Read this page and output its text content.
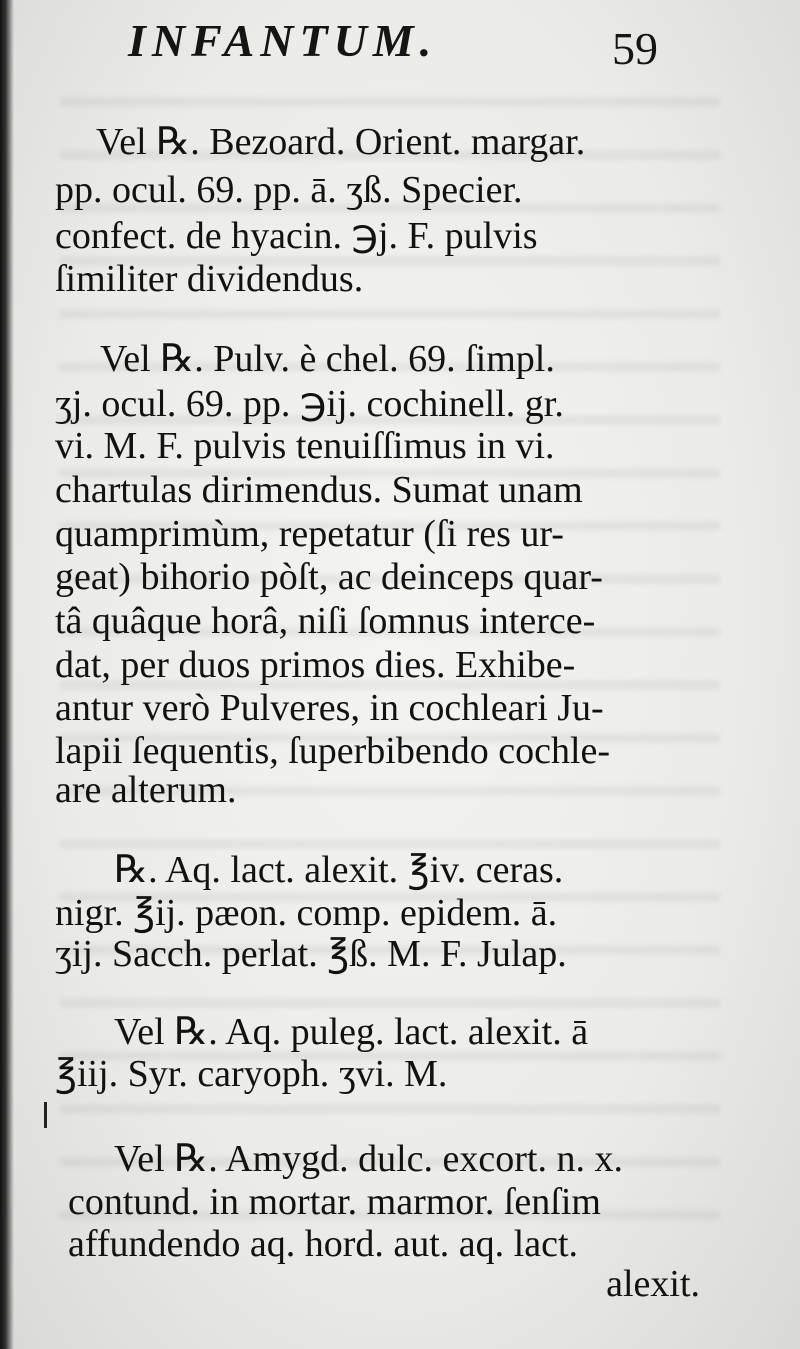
INFANTUM.	59
Vel ℞. Bezoard. Orient. margar.
pp. ocul. 69. pp. ā. ʒß. Specier.
confect. de hyacin. ℈j. F. pulvis
ſimiliter dividendus.
Vel ℞. Pulv. è chel. 69. ſimpl.
ʒj. ocul. 69. pp. ℈ij. cochinell. gr.
vi. M. F. pulvis tenuiſſimus in vi.
chartulas dirimendus. Sumat unam
quamprimùm, repetatur (ſi res ur-
geat) bihorio pòſt, ac deinceps quar-
tâ quâque horâ, niſi ſomnus interce-
dat, per duos primos dies. Exhibe-
antur verò Pulveres, in cochleari Ju-
lapii ſequentis, ſuperbibendo cochle-
are alterum.
℞. Aq. lact. alexit. ℥iv. ceras.
nigr. ℥ij. pæon. comp. epidem. ā.
ʒij. Sacch. perlat. ℥ß. M. F. Julap.
Vel ℞. Aq. puleg. lact. alexit. ā
℥iij. Syr. caryoph. ʒvi. M.
Vel ℞. Amygd. dulc. excort. n. x.
contund. in mortar. marmor. ſenſim
affundendo aq. hord. aut. aq. lact.
alexit.
